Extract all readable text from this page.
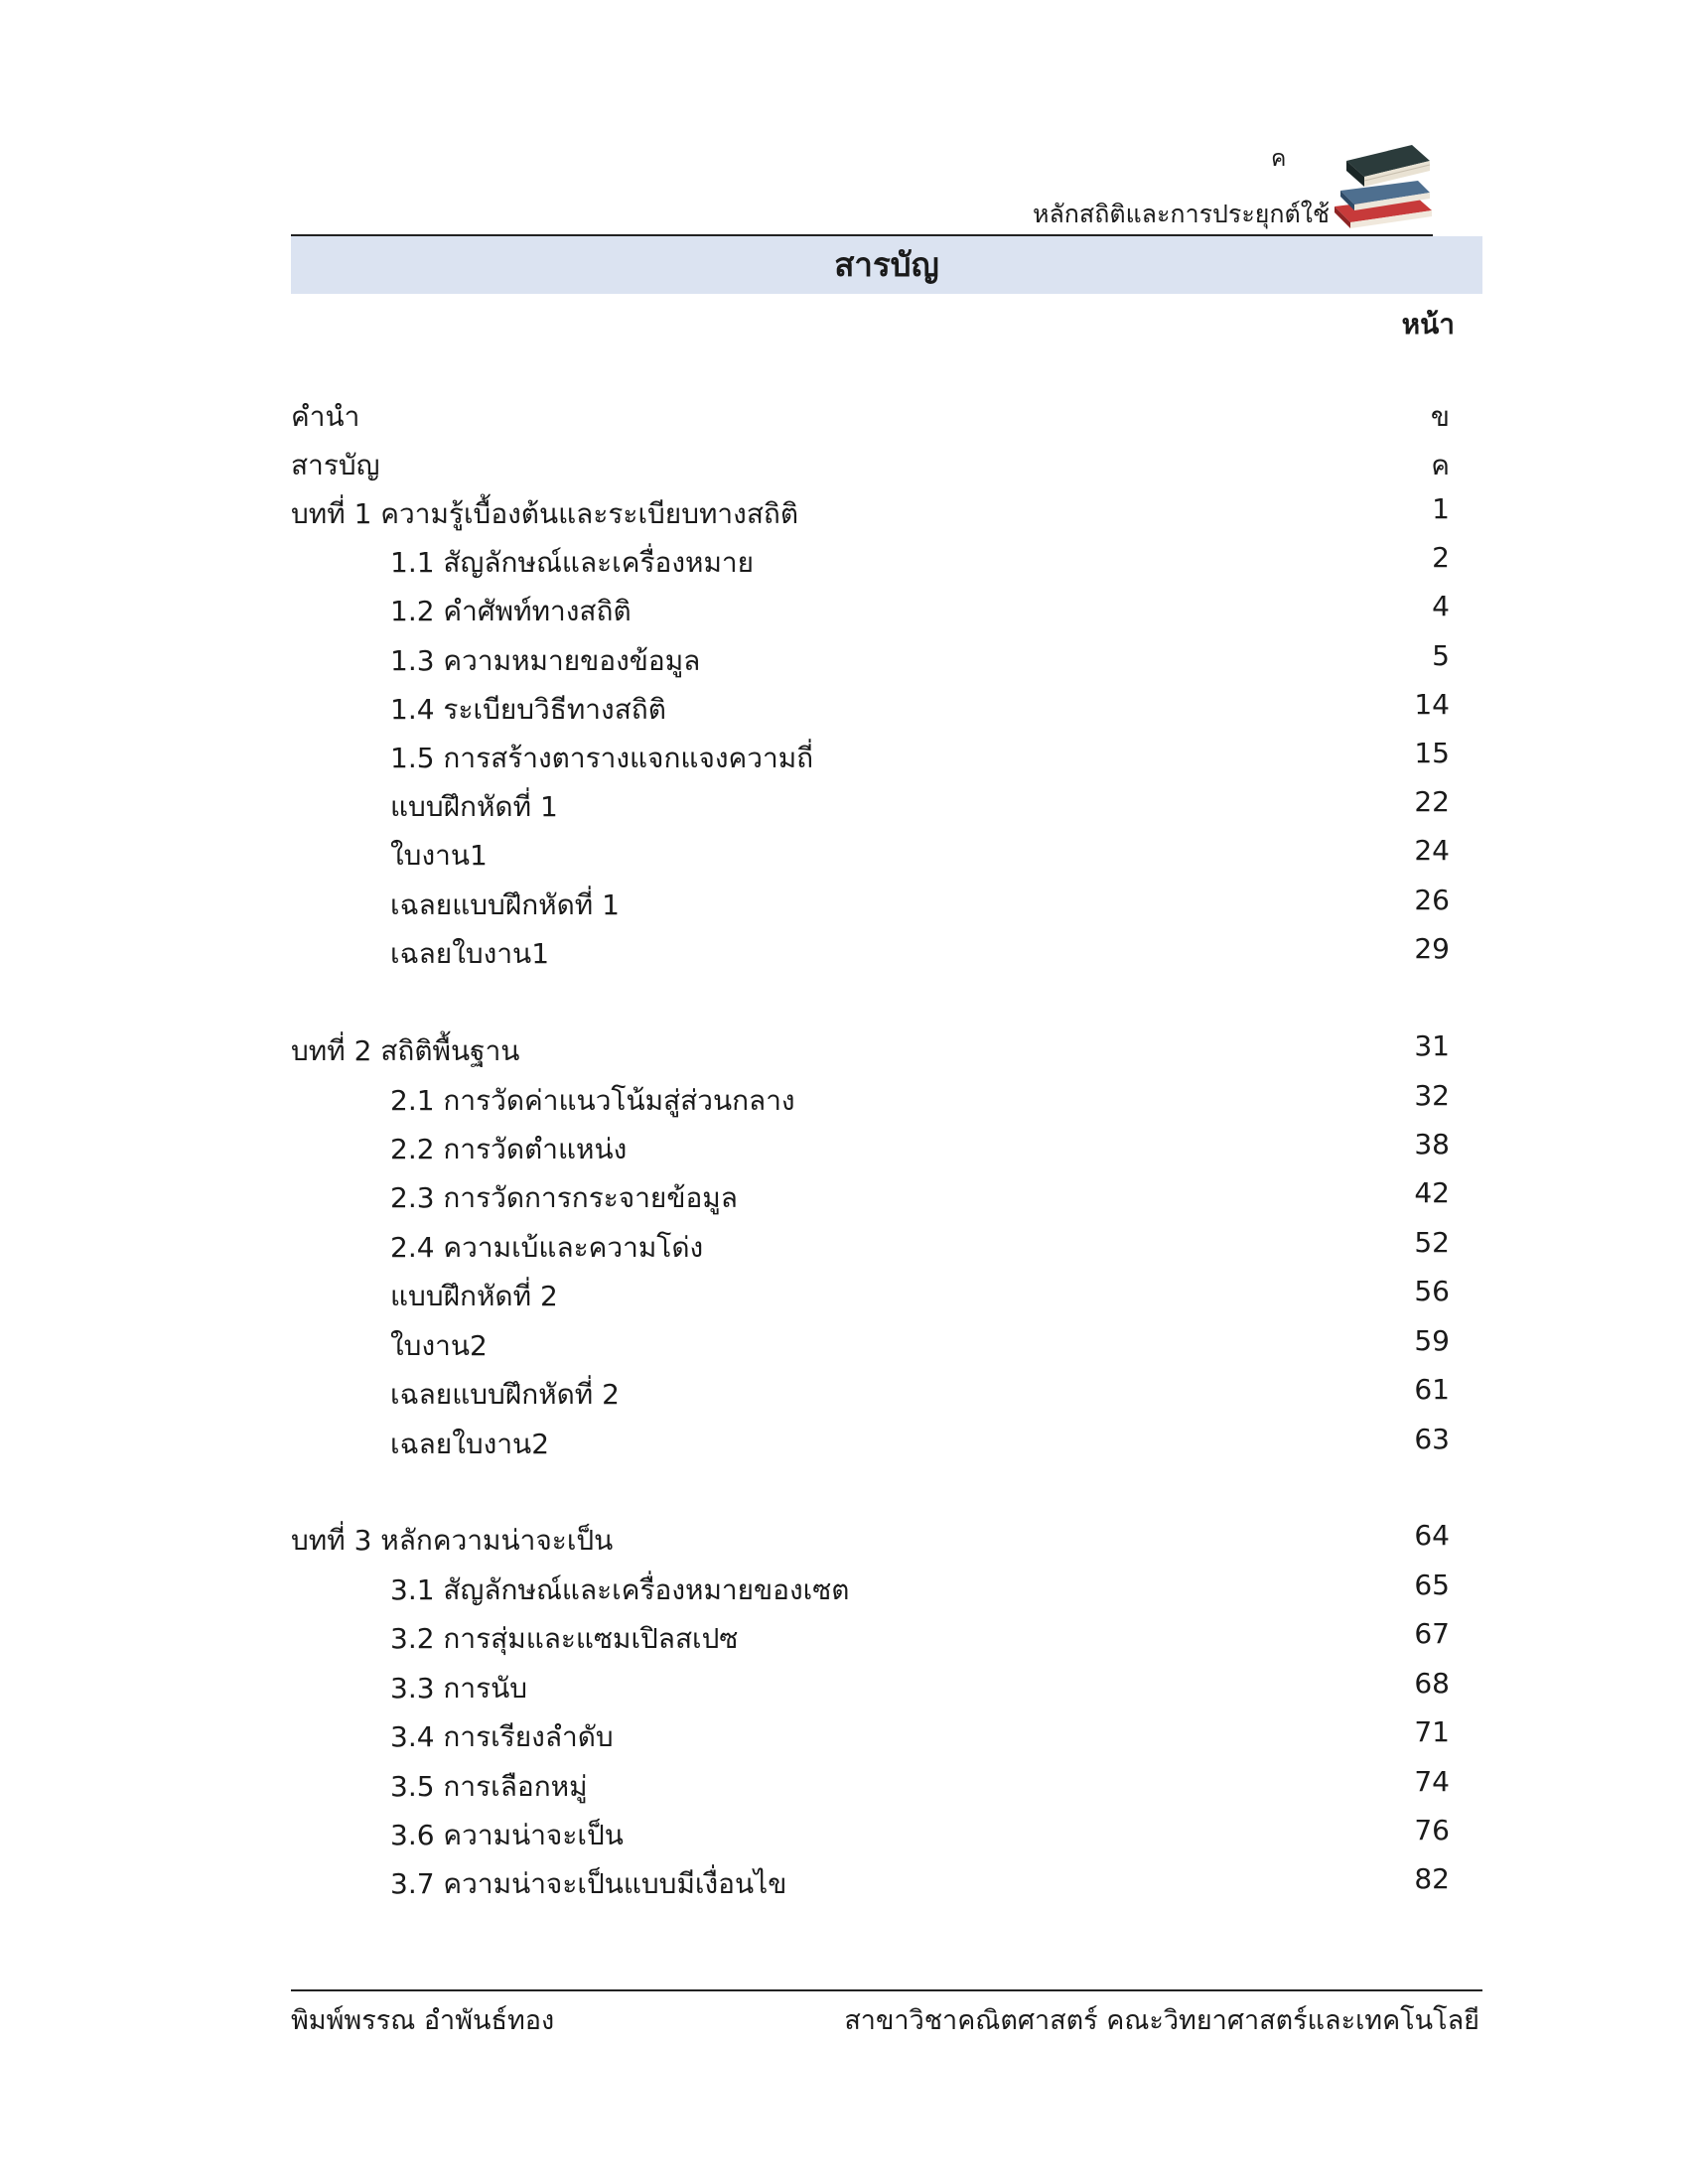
ค
หลักสถิติและการประยุกต์ใช้
สารบัญ
หน้า
คำนำ	ข
สารบัญ	ค
บทที่ 1 ความรู้เบื้องต้นและระเบียบทางสถิติ	1
1.1 สัญลักษณ์และเครื่องหมาย	2
1.2 คำศัพท์ทางสถิติ	4
1.3 ความหมายของข้อมูล	5
1.4 ระเบียบวิธีทางสถิติ	14
1.5 การสร้างตารางแจกแจงความถี่	15
แบบฝึกหัดที่ 1	22
ใบงาน1	24
เฉลยแบบฝึกหัดที่ 1	26
เฉลยใบงาน1	29
บทที่ 2 สถิติพื้นฐาน	31
2.1 การวัดค่าแนวโน้มสู่ส่วนกลาง	32
2.2 การวัดตำแหน่ง	38
2.3 การวัดการกระจายข้อมูล	42
2.4 ความเบ้และความโด่ง	52
แบบฝึกหัดที่ 2	56
ใบงาน2	59
เฉลยแบบฝึกหัดที่ 2	61
เฉลยใบงาน2	63
บทที่ 3 หลักความน่าจะเป็น	64
3.1 สัญลักษณ์และเครื่องหมายของเซต	65
3.2 การสุ่มและแซมเปิลสเปซ	67
3.3 การนับ	68
3.4 การเรียงลำดับ	71
3.5 การเลือกหมู่	74
3.6 ความน่าจะเป็น	76
3.7 ความน่าจะเป็นแบบมีเงื่อนไข	82
พิมพ์พรรณ อำพันธ์ทอง	สาขาวิชาคณิตศาสตร์ คณะวิทยาศาสตร์และเทคโนโลยี
